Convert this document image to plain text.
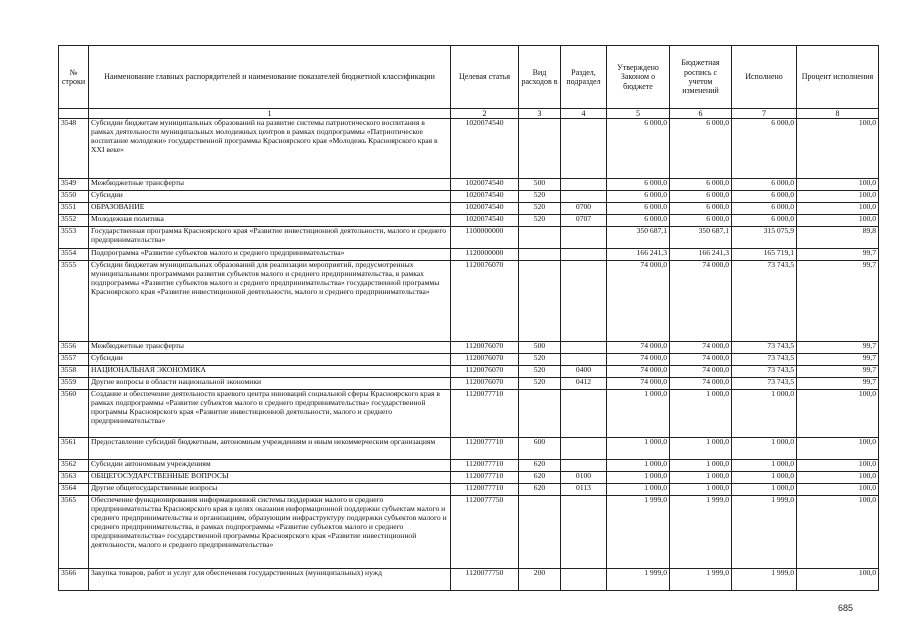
№ строки	Наименование главных распорядителей и наименование показателей бюджетной классификации	Целевая статья	Вид расходов в	Раздел, подраздел	Утверждено Законом о бюджете	Бюджетная роспись с учетом изменений	Исполнено	Процент исполнения
	1	2	3	4	5	6	7	8
3548	Субсидии бюджетам муниципальных образований на развитие системы патриотического воспитания в рамках деятельности муниципальных молодежных центров в рамках подпрограммы «Патриотическое воспитание молодежи» государственной программы Красноярского края «Молодежь Красноярского края в XXI веке»	1020074540			6 000,0	6 000,0	6 000,0	100,0
3549	Межбюджетные трансферты	1020074540	500		6 000,0	6 000,0	6 000,0	100,0
3550	Субсидии	1020074540	520		6 000,0	6 000,0	6 000,0	100,0
3551	ОБРАЗОВАНИЕ	1020074540	520	0700	6 000,0	6 000,0	6 000,0	100,0
3552	Молодежная политика	1020074540	520	0707	6 000,0	6 000,0	6 000,0	100,0
3553	Государственная программа Красноярского края «Развитие инвестиционной деятельности, малого и среднего предпринимательства»	1100000000			350 687,1	350 687,1	315 075,9	89,8
3554	Подпрограмма «Развитие субъектов малого и среднего предпринимательства»	1120000000			166 241,3	166 241,3	165 719,1	99,7
3555	Субсидии бюджетам муниципальных образований для реализации мероприятий, предусмотренных муниципальными программами развития субъектов малого и среднего предпринимательства, в рамках подпрограммы «Развитие субъектов малого и среднего предпринимательства» государственной программы Красноярского края «Развитие инвестиционной деятельности, малого и среднего предпринимательства»	1120076070			74 000,0	74 000,0	73 743,5	99,7
3556	Межбюджетные трансферты	1120076070	500		74 000,0	74 000,0	73 743,5	99,7
3557	Субсидии	1120076070	520		74 000,0	74 000,0	73 743,5	99,7
3558	НАЦИОНАЛЬНАЯ ЭКОНОМИКА	1120076070	520	0400	74 000,0	74 000,0	73 743,5	99,7
3559	Другие вопросы в области национальной экономики	1120076070	520	0412	74 000,0	74 000,0	73 743,5	99,7
3560	Создание и обеспечение деятельности краевого центра инноваций социальной сферы Красноярского края в рамках подпрограммы «Развитие субъектов малого и среднего предпринимательства» государственной программы Красноярского края «Развитие инвестиционной деятельности, малого и среднего предпринимательства»	1120077710			1 000,0	1 000,0	1 000,0	100,0
3561	Предоставление субсидий бюджетным, автономным учреждениям и иным некоммерческим организациям	1120077710	600		1 000,0	1 000,0	1 000,0	100,0
3562	Субсидии автономным учреждениям	1120077710	620		1 000,0	1 000,0	1 000,0	100,0
3563	ОБЩЕГОСУДАРСТВЕННЫЕ ВОПРОСЫ	1120077710	620	0100	1 000,0	1 000,0	1 000,0	100,0
3564	Другие общегосударственные вопросы	1120077710	620	0113	1 000,0	1 000,0	1 000,0	100,0
3565	Обеспечение функционирования информационной системы поддержки малого и среднего предпринимательства Красноярского края в целях оказания информационной поддержки субъектам малого и среднего предпринимательства и организациям, образующим инфраструктуру поддержки субъектов малого и среднего предпринимательства, в рамках подпрограммы «Развитие субъектов малого и среднего предпринимательства» государственной программы Красноярского края «Развитие инвестиционной деятельности, малого и среднего предпринимательства»	1120077750			1 999,0	1 999,0	1 999,0	100,0
3566	Закупка товаров, работ и услуг для обеспечения государственных (муниципальных) нужд	1120077750	200		1 999,0	1 999,0	1 999,0	100,0
685
